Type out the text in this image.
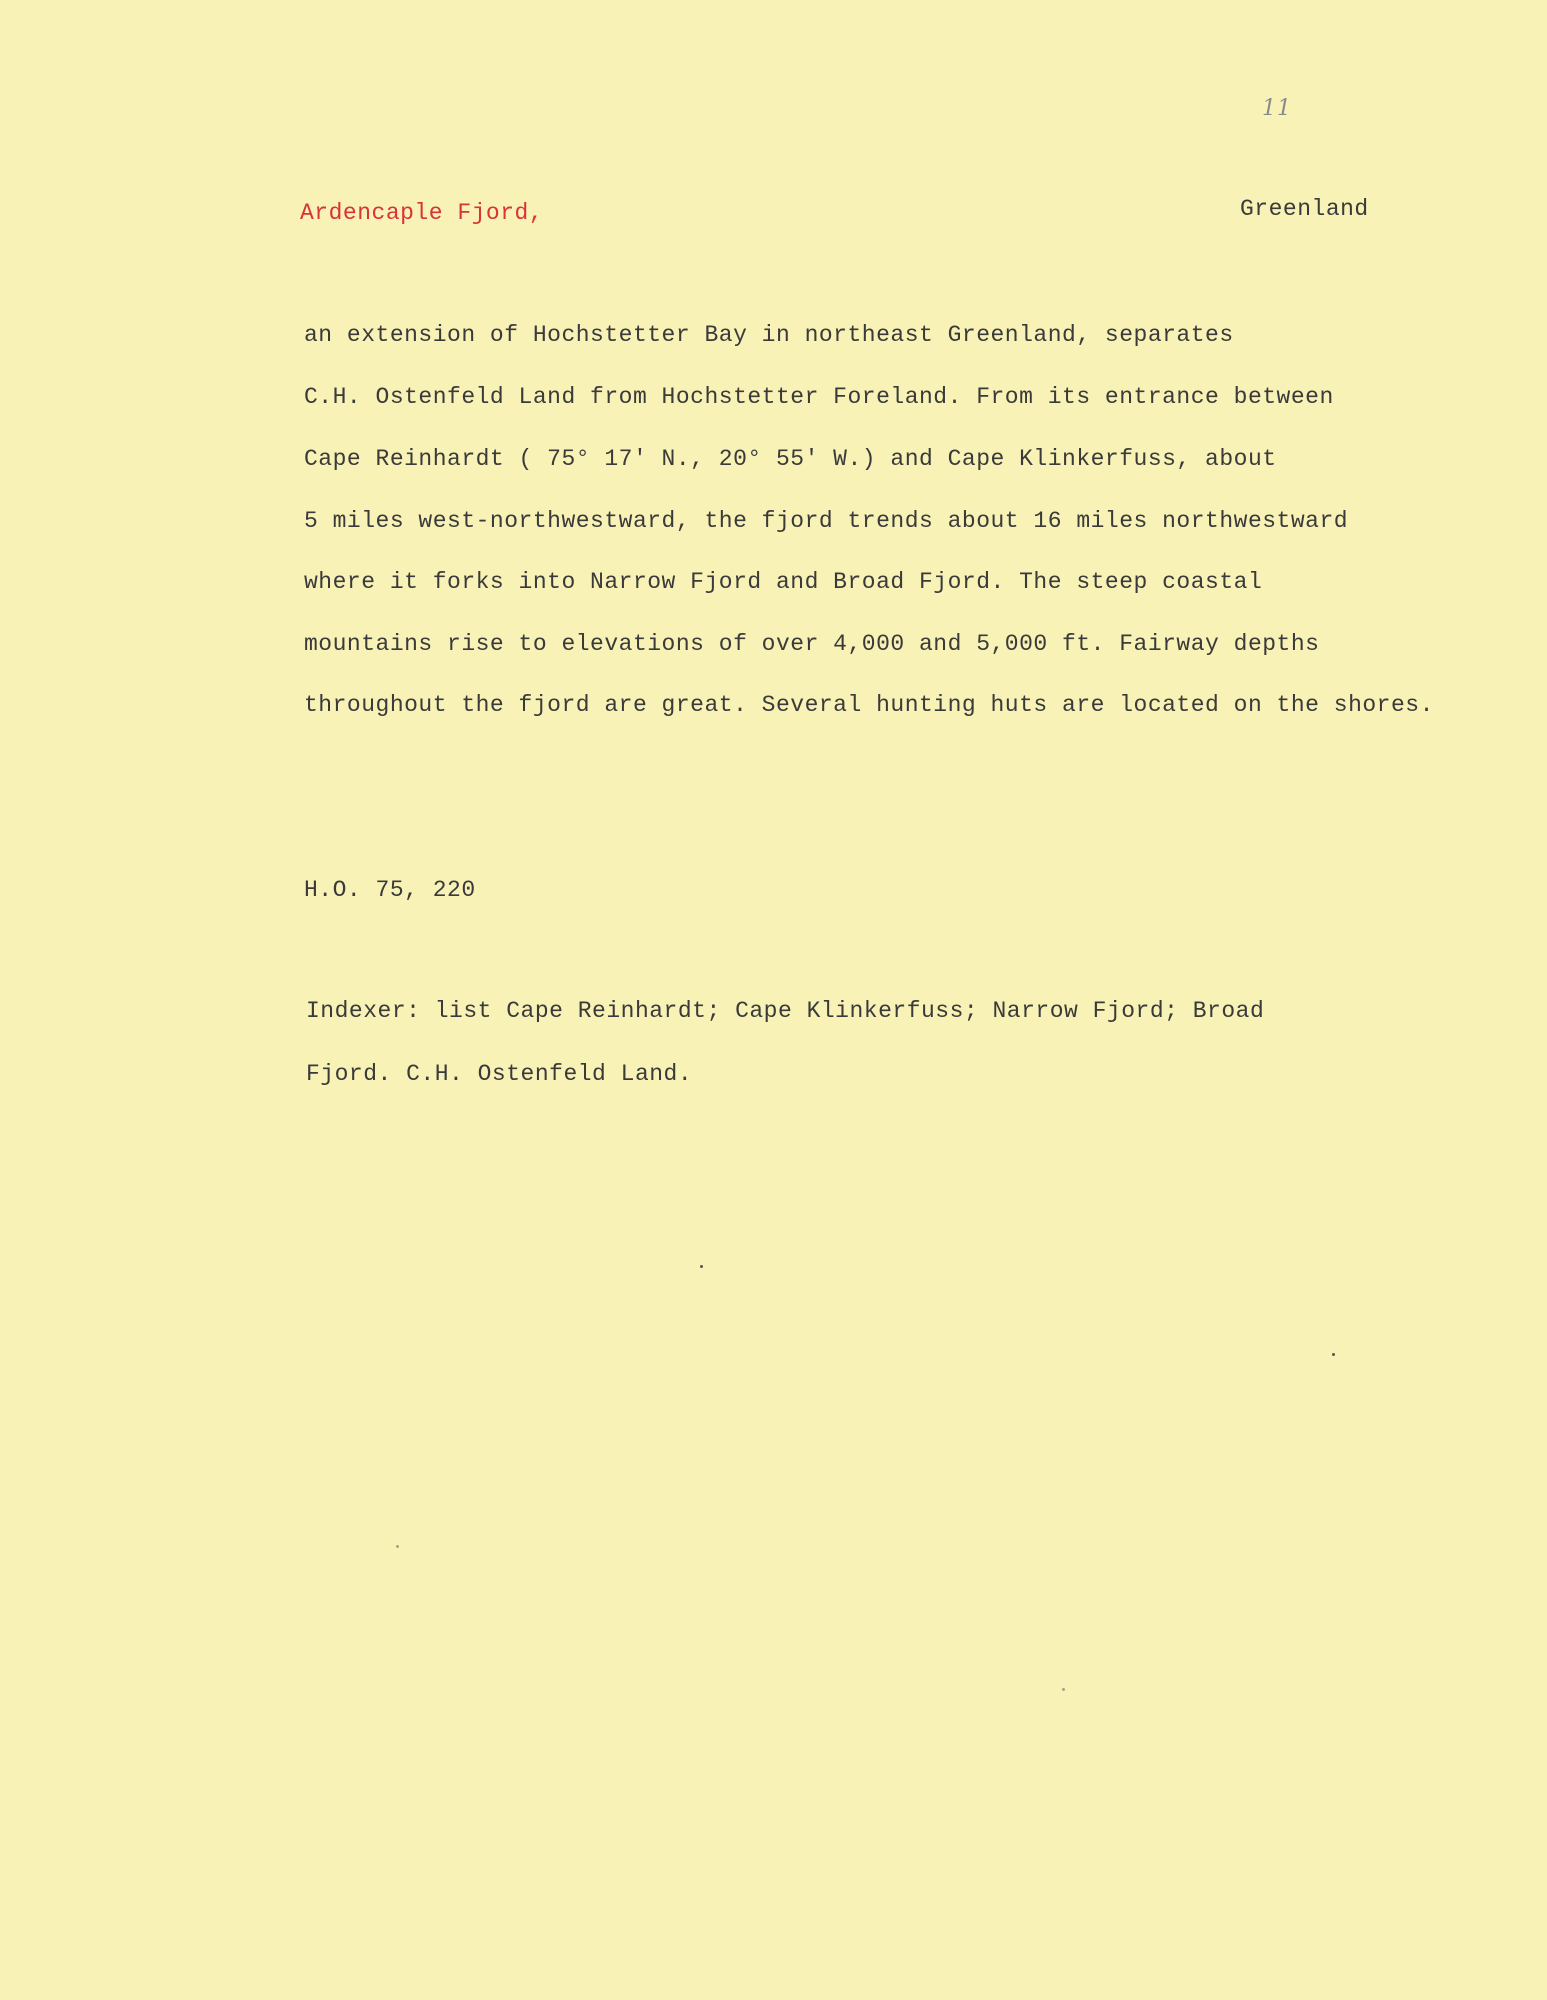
11
Ardencaple Fjord,	Greenland
an extension of Hochstetter Bay in northeast Greenland, separates
C.H. Ostenfeld Land from Hochstetter Foreland. From its entrance between
Cape Reinhardt ( 75° 17' N., 20° 55' W.) and Cape Klinkerfuss, about
5 miles west-northwestward, the fjord trends about 16 miles northwestward
where it forks into Narrow Fjord and Broad Fjord. The steep coastal
mountains rise to elevations of over 4,000 and 5,000 ft. Fairway depths
throughout the fjord are great. Several hunting huts are located on the shores.
H.O. 75, 220
Indexer: list Cape Reinhardt; Cape Klinkerfuss; Narrow Fjord; Broad
Fjord. C.H. Ostenfeld Land.
